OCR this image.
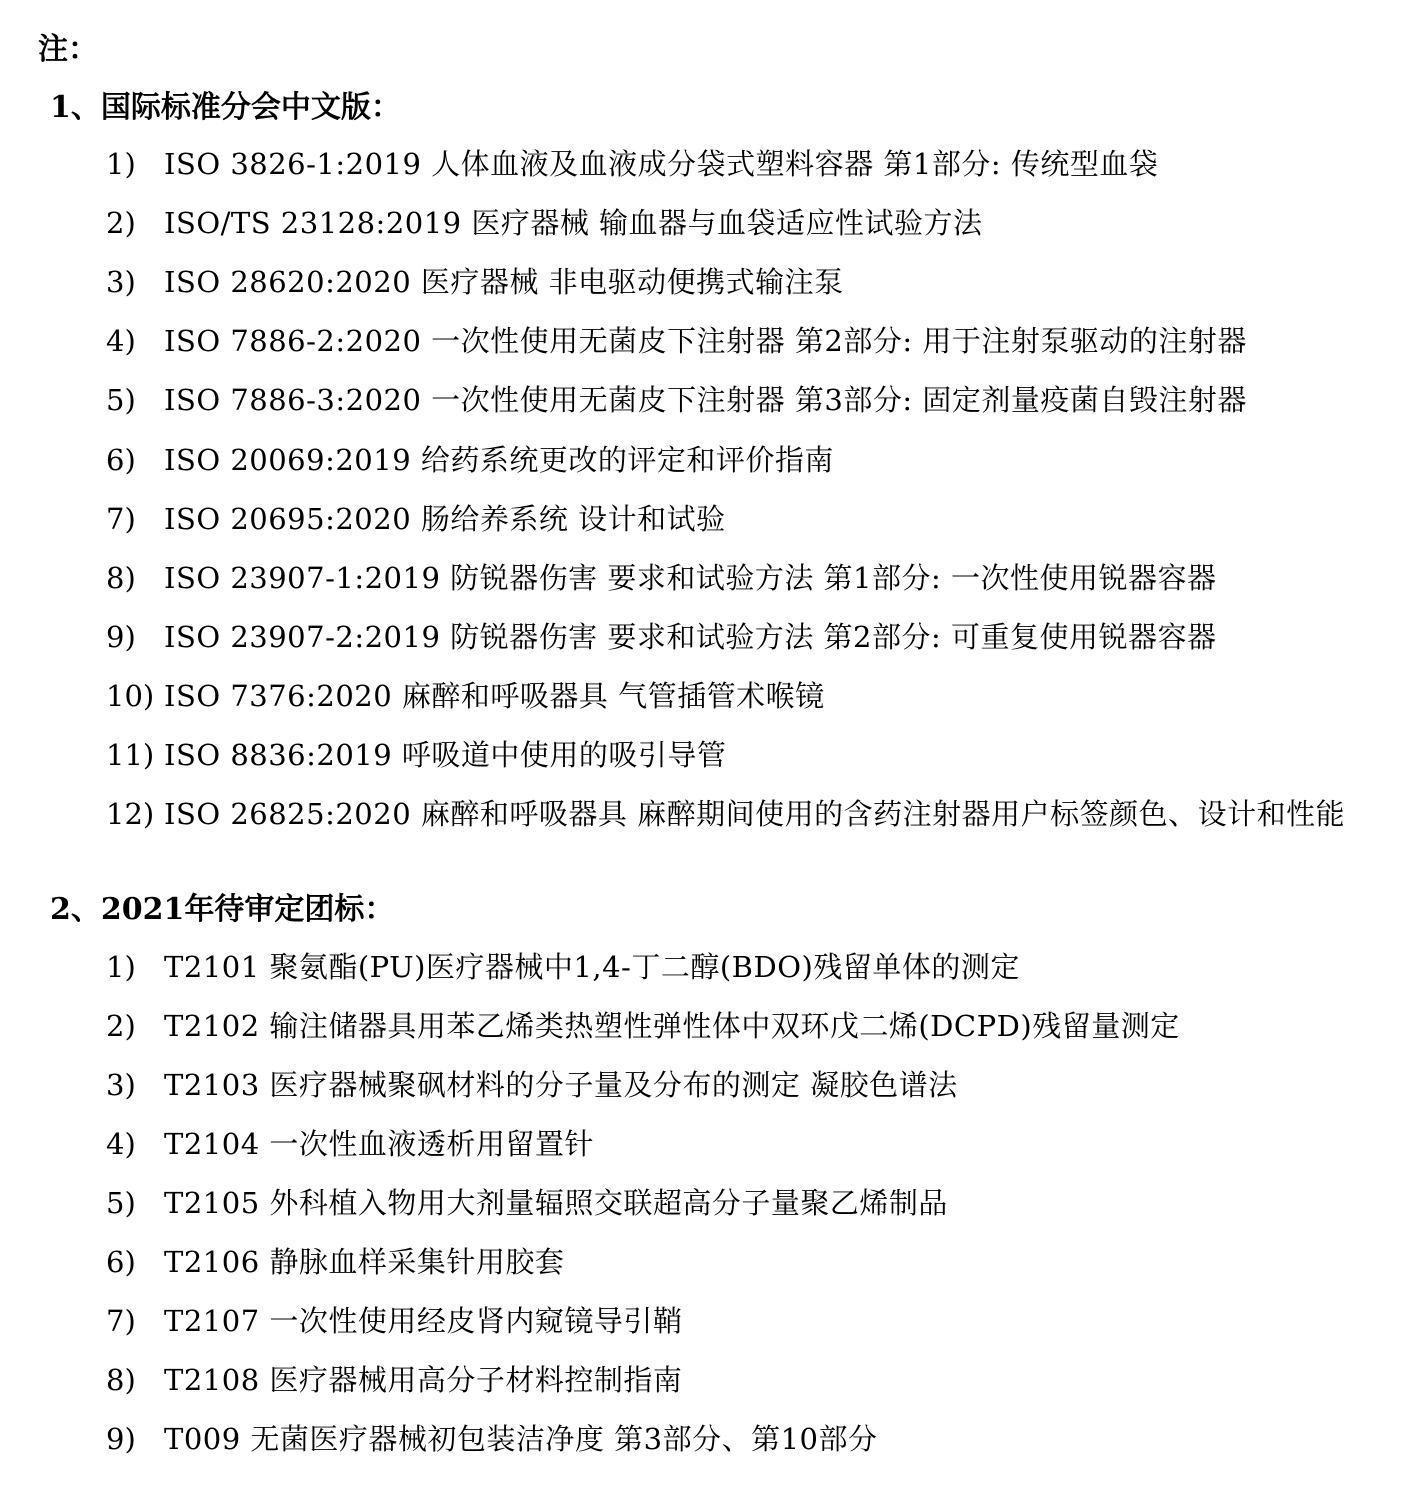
注：
1、国际标准分会中文版：
1) ISO 3826-1:2019 人体血液及血液成分袋式塑料容器 第1部分: 传统型血袋
2) ISO/TS 23128:2019 医疗器械 输血器与血袋适应性试验方法
3) ISO 28620:2020 医疗器械 非电驱动便携式输注泵
4) ISO 7886-2:2020 一次性使用无菌皮下注射器 第2部分: 用于注射泵驱动的注射器
5) ISO 7886-3:2020 一次性使用无菌皮下注射器 第3部分: 固定剂量疫菌自毁注射器
6) ISO 20069:2019 给药系统更改的评定和评价指南
7) ISO 20695:2020 肠给养系统 设计和试验
8) ISO 23907-1:2019 防锐器伤害 要求和试验方法 第1部分: 一次性使用锐器容器
9) ISO 23907-2:2019 防锐器伤害 要求和试验方法 第2部分: 可重复使用锐器容器
10) ISO 7376:2020 麻醉和呼吸器具 气管插管术喉镜
11) ISO 8836:2019 呼吸道中使用的吸引导管
12) ISO 26825:2020 麻醉和呼吸器具 麻醉期间使用的含药注射器用户标签颜色、设计和性能
2、2021年待审定团标：
1) T2101 聚氨酯(PU)医疗器械中1,4-丁二醇(BDO)残留单体的测定
2) T2102 输注储器具用苯乙烯类热塑性弹性体中双环戊二烯(DCPD)残留量测定
3) T2103 医疗器械聚砜材料的分子量及分布的测定 凝胶色谱法
4) T2104 一次性血液透析用留置针
5) T2105 外科植入物用大剂量辐照交联超高分子量聚乙烯制品
6) T2106 静脉血样采集针用胶套
7) T2107 一次性使用经皮肾内窥镜导引鞘
8) T2108 医疗器械用高分子材料控制指南
9) T009 无菌医疗器械初包装洁净度 第3部分、第10部分
